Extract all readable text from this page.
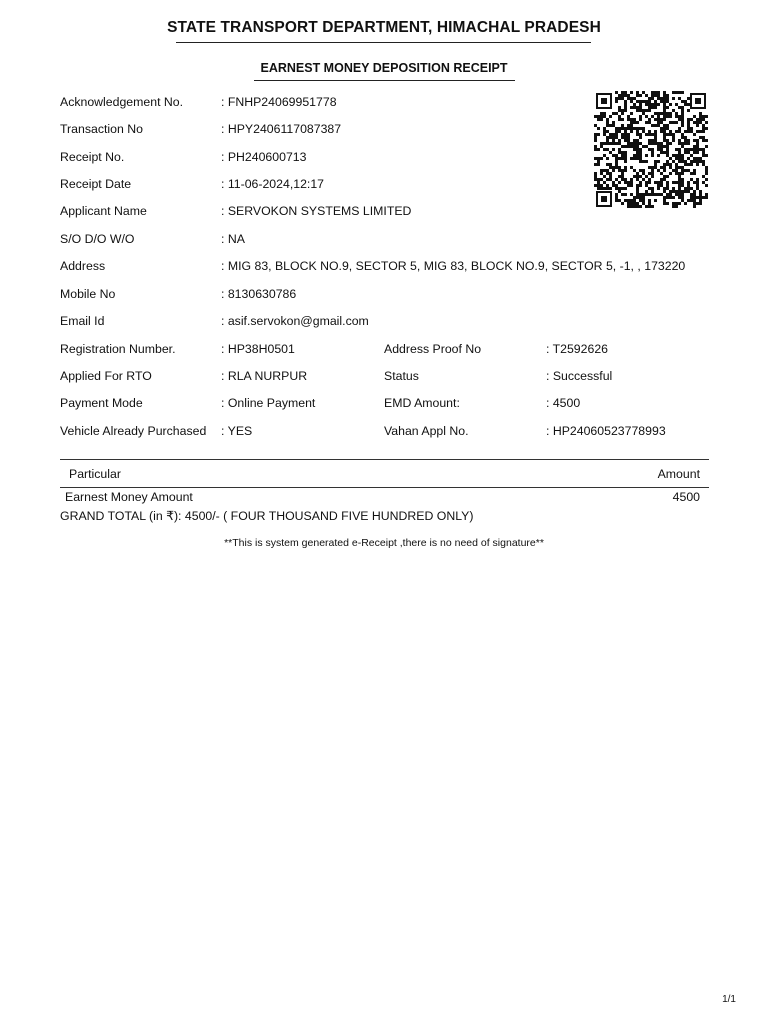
STATE TRANSPORT DEPARTMENT, HIMACHAL PRADESH
EARNEST MONEY DEPOSITION RECEIPT
Acknowledgement No.	: FNHP24069951778
Transaction No	: HPY2406117087387
Receipt No.	: PH240600713
Receipt Date	: 11-06-2024,12:17
Applicant Name	: SERVOKON SYSTEMS LIMITED
S/O D/O W/O	: NA
Address	: MIG 83, BLOCK NO.9, SECTOR 5, MIG 83, BLOCK NO.9, SECTOR 5, -1, , 173220
Mobile No	: 8130630786
Email Id	: asif.servokon@gmail.com
Registration Number.	: HP38H0501	Address Proof No	: T2592626
Applied For RTO	: RLA NURPUR	Status	: Successful
Payment Mode	: Online Payment	EMD Amount:	: 4500
Vehicle Already Purchased : YES	Vahan Appl No.	: HP24060523778993
Particular	Amount
Earnest Money Amount	4500
GRAND TOTAL (in ₹): 4500/- ( FOUR THOUSAND FIVE HUNDRED ONLY)
**This is system generated e-Receipt ,there is no need of signature**
1/1
